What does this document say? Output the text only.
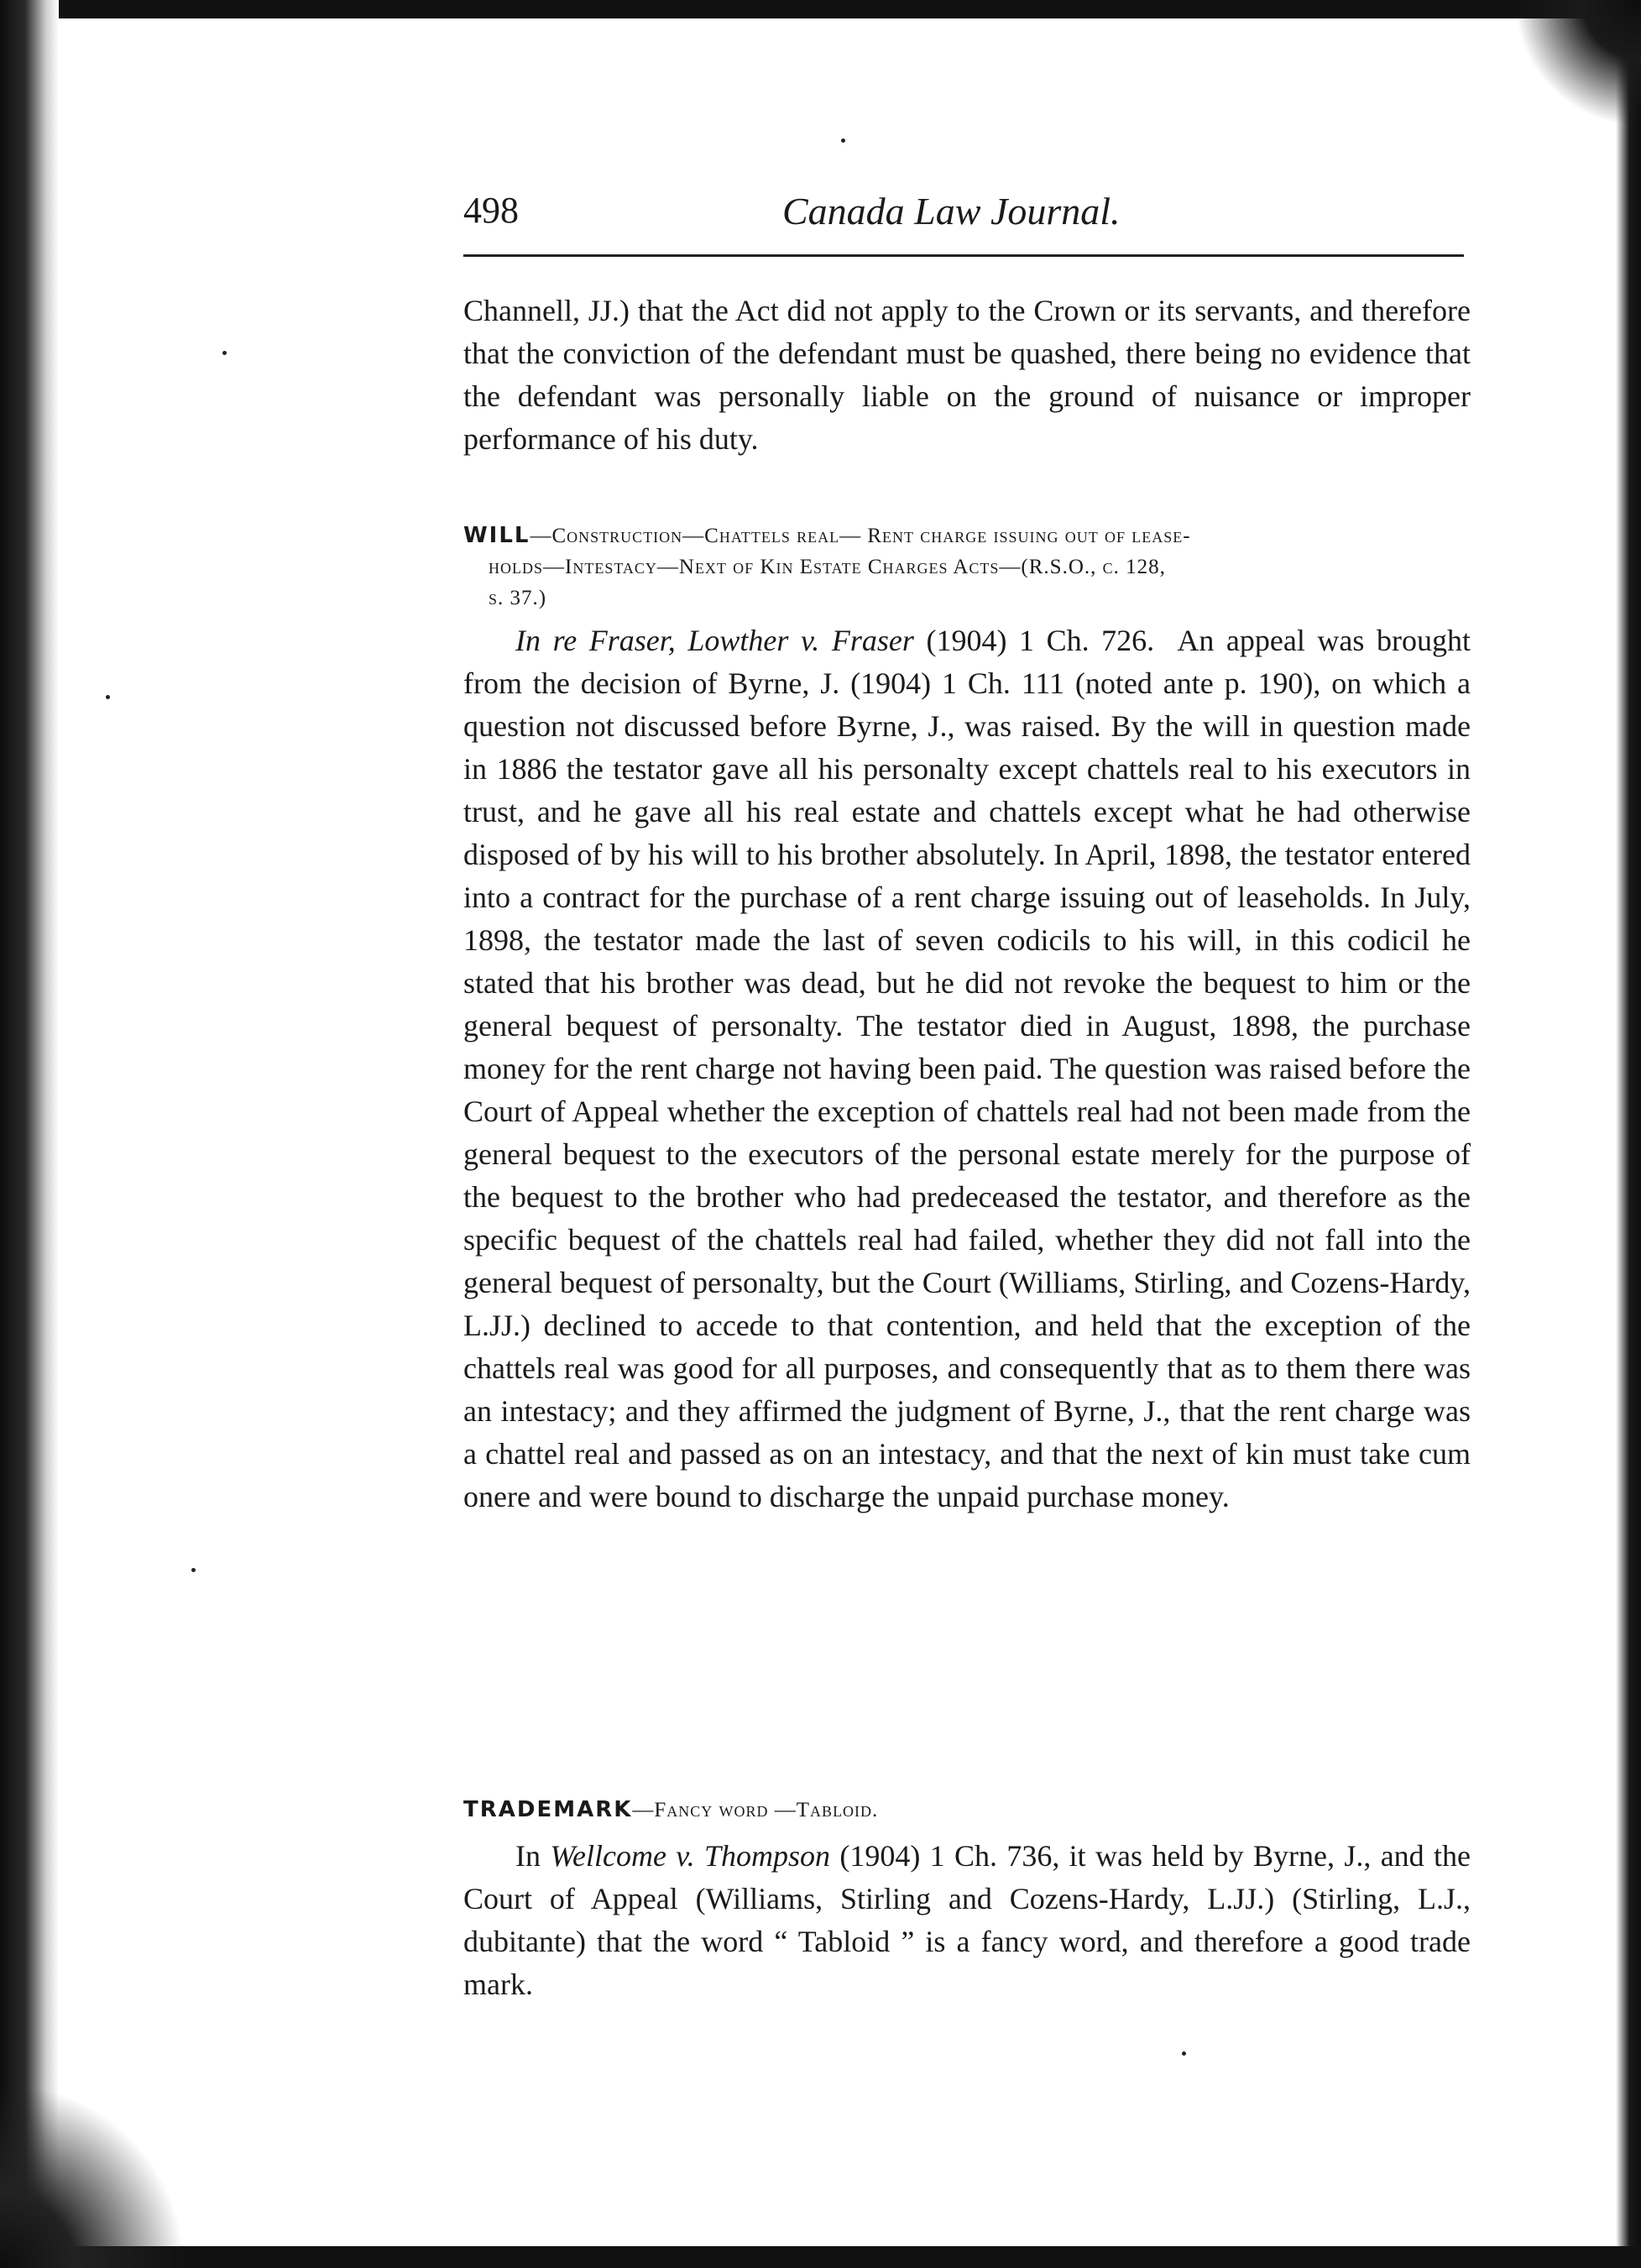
498	Canada Law Journal.

Channell, JJ.) that the Act did not apply to the Crown or its servants, and therefore that the conviction of the defendant must be quashed, there being no evidence that the defendant was personally liable on the ground of nuisance or improper performance of his duty.

WILL—Construction—Chattels real— Rent charge issuing out of lease-
holds—Intestacy—Next of Kin Estate Charges Acts—(R.S.O., c. 128,
s. 37.)

In re Fraser, Lowther v. Fraser (1904) 1 Ch. 726. An appeal was brought from the decision of Byrne, J. (1904) 1 Ch. 111 (noted ante p. 190), on which a question not discussed before Byrne, J., was raised. By the will in question made in 1886 the testator gave all his personalty except chattels real to his executors in trust, and he gave all his real estate and chattels except what he had otherwise disposed of by his will to his brother absolutely. In April, 1898, the testator entered into a contract for the purchase of a rent charge issuing out of leaseholds. In July, 1898, the testator made the last of seven codicils to his will, in this codicil he stated that his brother was dead, but he did not revoke the bequest to him or the general bequest of personalty. The testator died in August, 1898, the purchase money for the rent charge not having been paid. The question was raised before the Court of Appeal whether the exception of chattels real had not been made from the general bequest to the executors of the personal estate merely for the purpose of the bequest to the brother who had predeceased the testator, and therefore as the specific bequest of the chattels real had failed, whether they did not fall into the general bequest of personalty, but the Court (Williams, Stirling, and Cozens-Hardy, L.JJ.) declined to accede to that contention, and held that the exception of the chattels real was good for all purposes, and consequently that as to them there was an intestacy; and they affirmed the judgment of Byrne, J., that the rent charge was a chattel real and passed as on an intestacy, and that the next of kin must take cum onere and were bound to discharge the unpaid purchase money.

TRADEMARK—Fancy word —Tabloid.

In Wellcome v. Thompson (1904) 1 Ch. 736, it was held by Byrne, J., and the Court of Appeal (Williams, Stirling and Cozens-Hardy, L.JJ.) (Stirling, L.J., dubitante) that the word “ Tabloid ” is a fancy word, and therefore a good trade mark.
